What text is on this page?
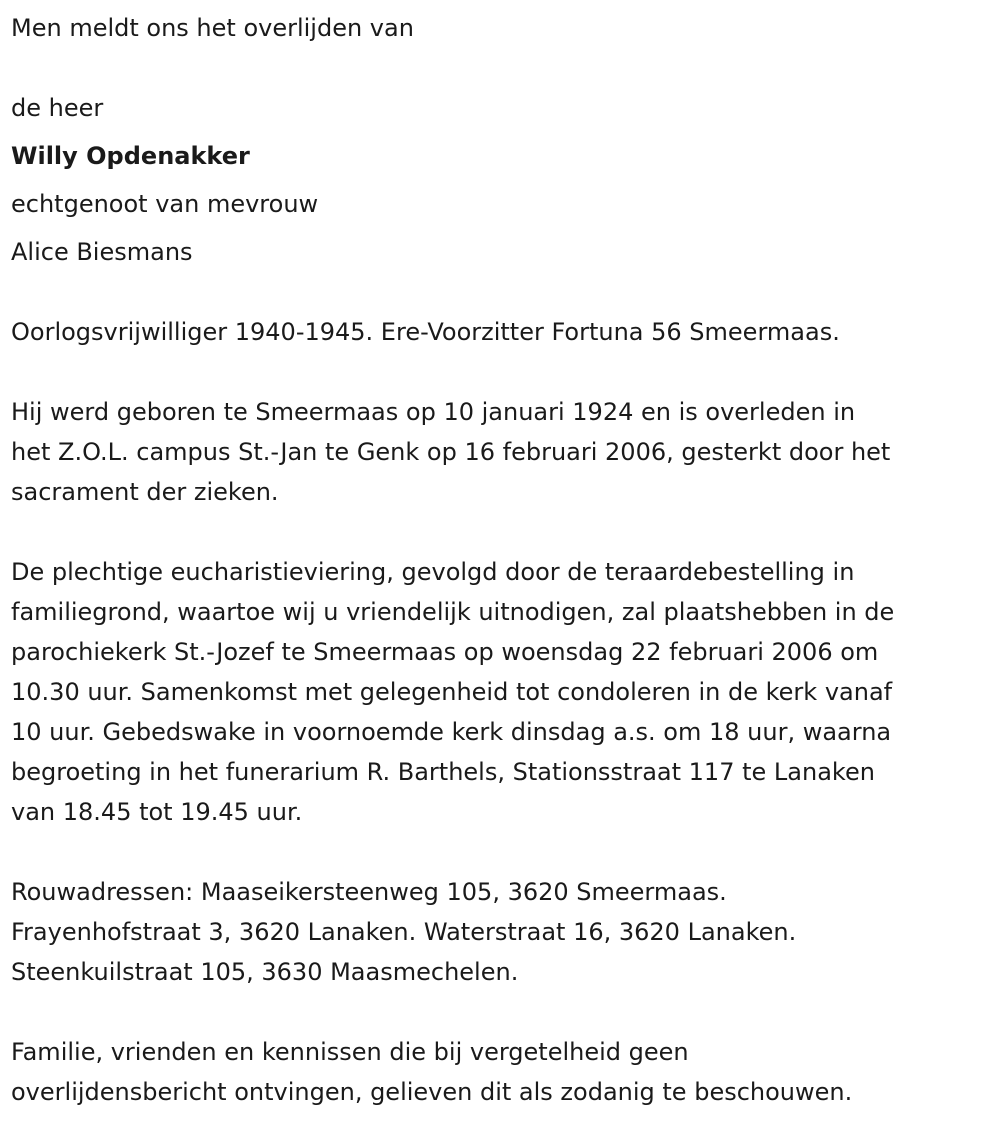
Men meldt ons het overlijden van

de heer

Willy Opdenakker

echtgenoot van mevrouw

Alice Biesmans

Oorlogsvrijwilliger 1940-1945. Ere-Voorzitter Fortuna 56 Smeermaas.

Hij werd geboren te Smeermaas op 10 januari 1924 en is overleden in

het Z.O.L. campus St.-Jan te Genk op 16 februari 2006, gesterkt door het

sacrament der zieken.

De plechtige eucharistieviering, gevolgd door de teraardebestelling in

familiegrond, waartoe wij u vriendelijk uitnodigen, zal plaatshebben in de

parochiekerk St.-Jozef te Smeermaas op woensdag 22 februari 2006 om

10.30 uur. Samenkomst met gelegenheid tot condoleren in de kerk vanaf

10 uur. Gebedswake in voornoemde kerk dinsdag a.s. om 18 uur, waarna

begroeting in het funerarium R. Barthels, Stationsstraat 117 te Lanaken

van 18.45 tot 19.45 uur.

Rouwadressen: Maaseikersteenweg 105, 3620 Smeermaas.

Frayenhofstraat 3, 3620 Lanaken. Waterstraat 16, 3620 Lanaken.

Steenkuilstraat 105, 3630 Maasmechelen.

Familie, vrienden en kennissen die bij vergetelheid geen

overlijdensbericht ontvingen, gelieven dit als zodanig te beschouwen.
